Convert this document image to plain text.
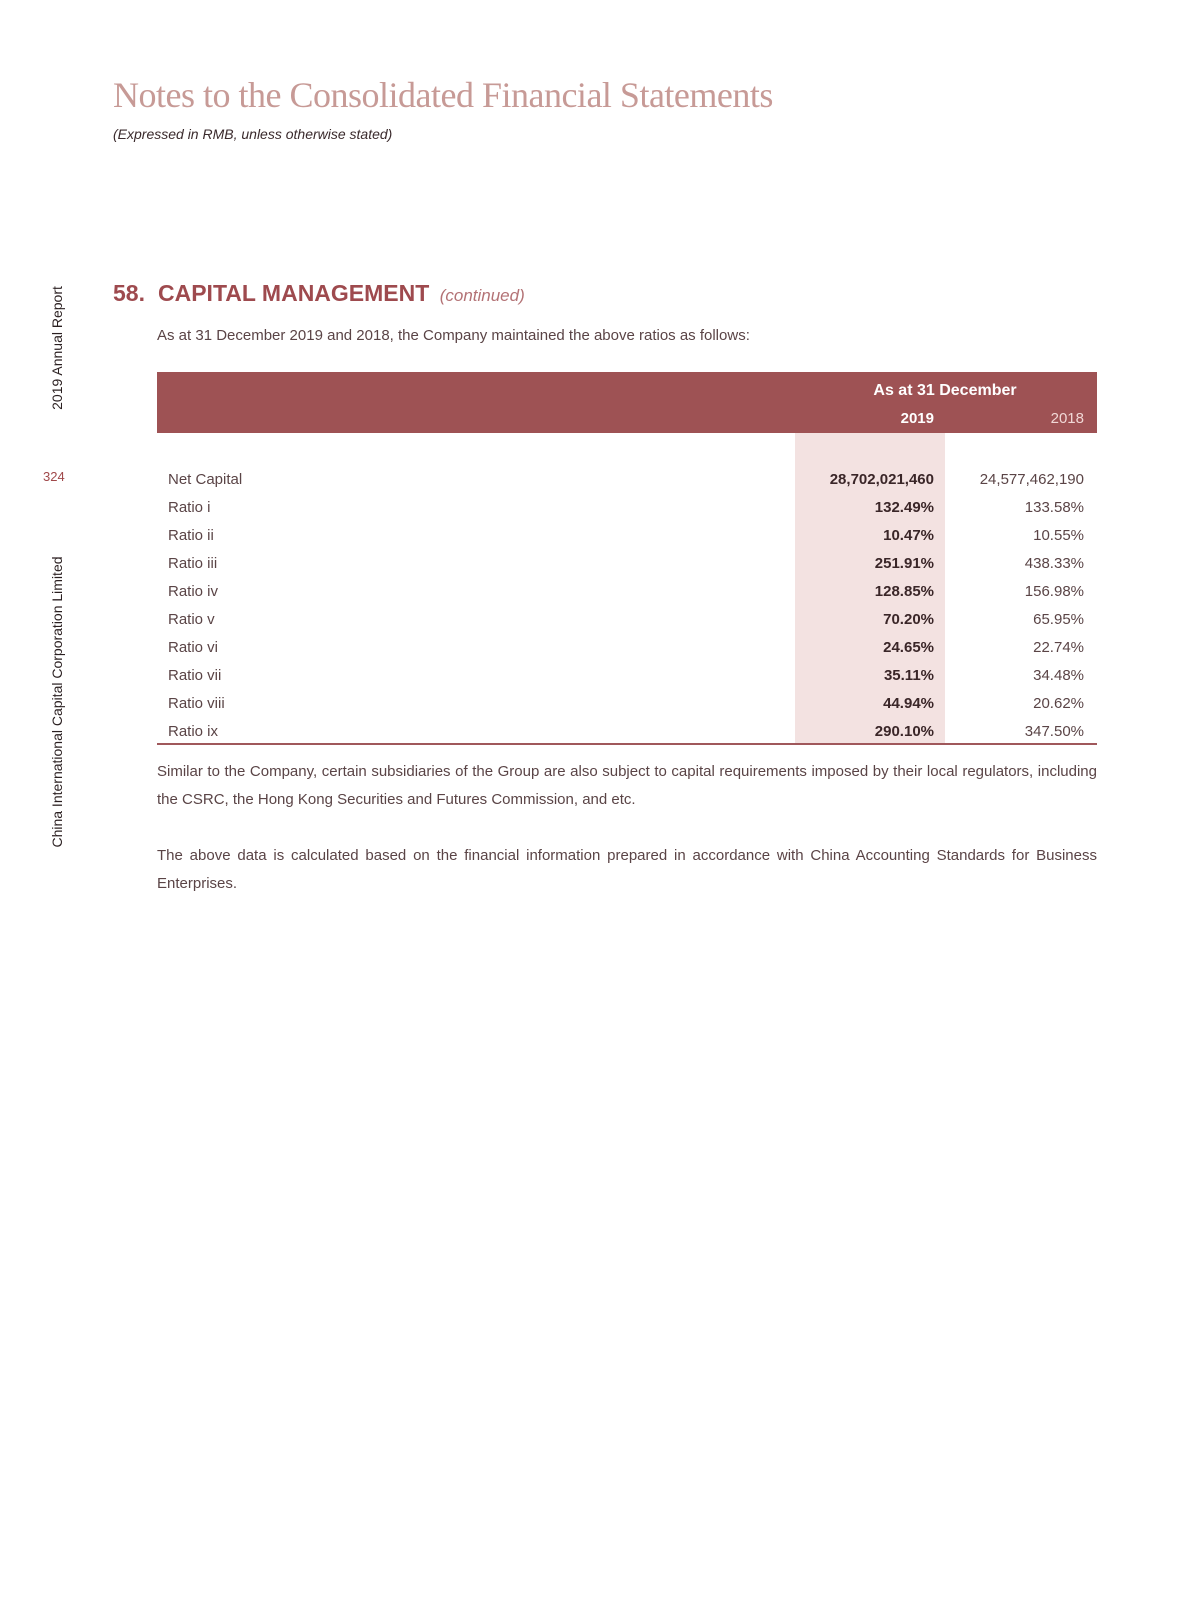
Notes to the Consolidated Financial Statements
(Expressed in RMB, unless otherwise stated)
2019 Annual Report
324
China International Capital Corporation Limited
58. CAPITAL MANAGEMENT (continued)
As at 31 December 2019 and 2018, the Company maintained the above ratios as follows:
As at 31 December
2019	2018
Net Capital	28,702,021,460	24,577,462,190
Ratio i	132.49%	133.58%
Ratio ii	10.47%	10.55%
Ratio iii	251.91%	438.33%
Ratio iv	128.85%	156.98%
Ratio v	70.20%	65.95%
Ratio vi	24.65%	22.74%
Ratio vii	35.11%	34.48%
Ratio viii	44.94%	20.62%
Ratio ix	290.10%	347.50%

Similar to the Company, certain subsidiaries of the Group are also subject to capital requirements imposed by their local regulators, including the CSRC, the Hong Kong Securities and Futures Commission, and etc.

The above data is calculated based on the financial information prepared in accordance with China Accounting Standards for Business Enterprises.
